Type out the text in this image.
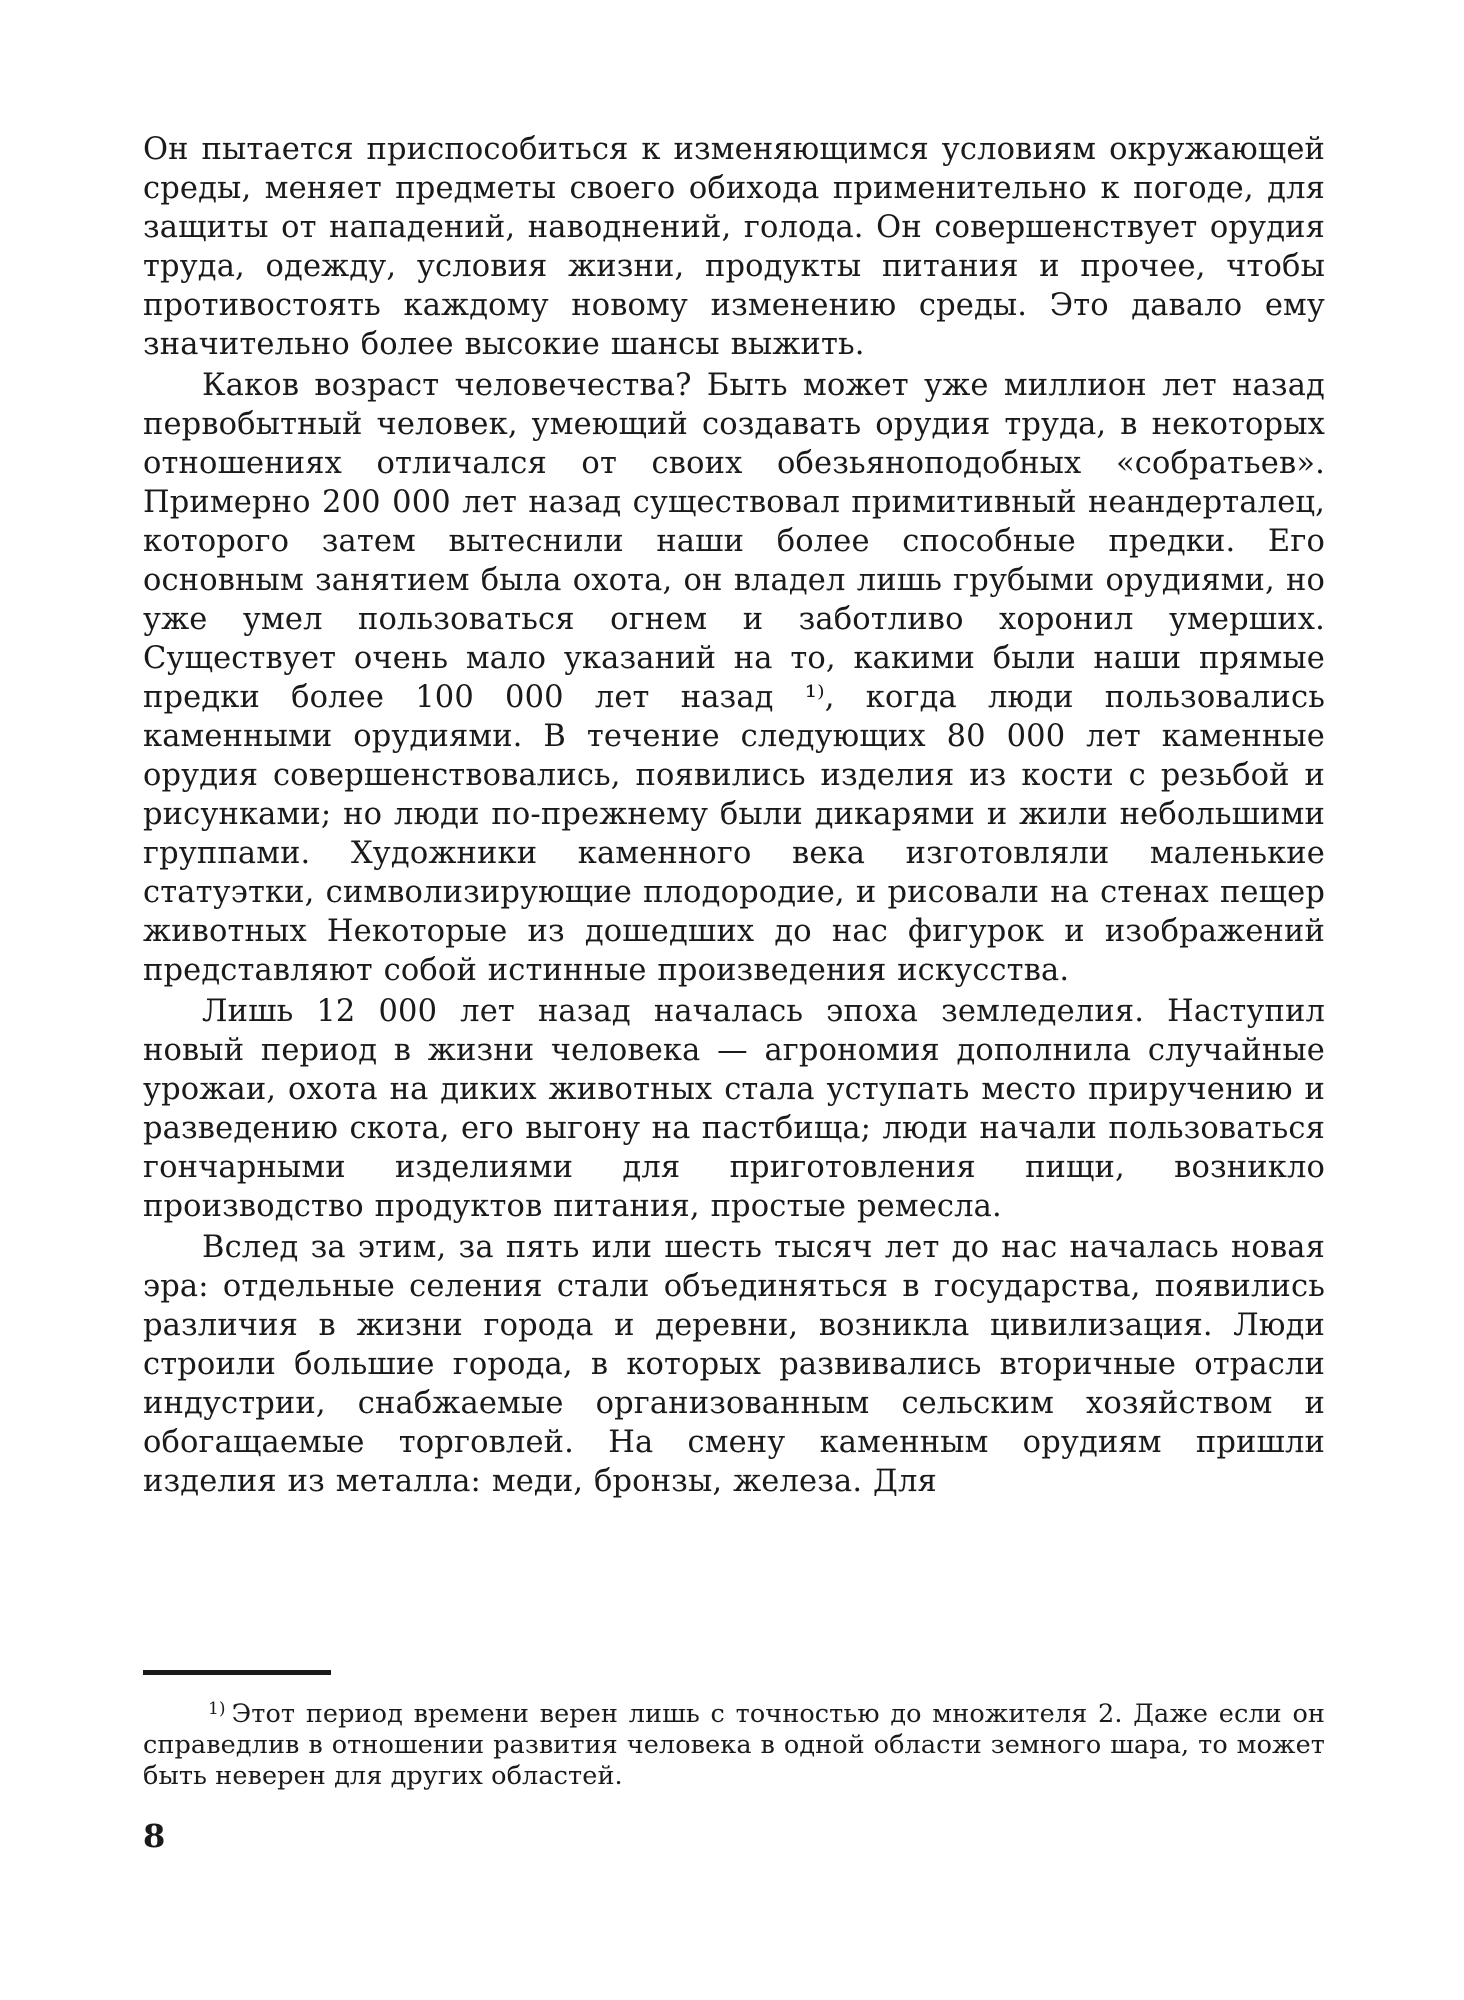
Он пытается приспособиться к изменяющимся условиям окружающей среды, меняет предметы своего обихода применительно к погоде, для защиты от нападений, наводнений, голода. Он совершенствует орудия труда, одежду, условия жизни, продукты питания и прочее, чтобы противостоять каждому новому изменению среды. Это давало ему значительно более высокие шансы выжить.

Каков возраст человечества? Быть может уже миллион лет назад первобытный человек, умеющий создавать орудия труда, в некоторых отношениях отличался от своих обезьяноподобных «собратьев». Примерно 200 000 лет назад существовал примитивный неандерталец, которого затем вытеснили наши более способные предки. Его основным занятием была охота, он владел лишь грубыми орудиями, но уже умел пользоваться огнем и заботливо хоронил умерших. Существует очень мало указаний на то, какими были наши прямые предки более 100 000 лет назад ¹⁾, когда люди пользовались каменными орудиями. В течение следующих 80 000 лет каменные орудия совершенствовались, появились изделия из кости с резьбой и рисунками; но люди по-прежнему были дикарями и жили небольшими группами. Художники каменного века изготовляли маленькие статуэтки, символизирующие плодородие, и рисовали на стенах пещер животных Некоторые из дошедших до нас фигурок и изображений представляют собой истинные произведения искусства.

Лишь 12 000 лет назад началась эпоха земледелия. Наступил новый период в жизни человека — агрономия дополнила случайные урожаи, охота на диких животных стала уступать место приручению и разведению скота, его выгону на пастбища; люди начали пользоваться гончарными изделиями для приготовления пищи, возникло производство продуктов питания, простые ремесла.

Вслед за этим, за пять или шесть тысяч лет до нас началась новая эра: отдельные селения стали объединяться в государства, появились различия в жизни города и деревни, возникла цивилизация. Люди строили большие города, в которых развивались вторичные отрасли индустрии, снабжаемые организованным сельским хозяйством и обогащаемые торговлей. На смену каменным орудиям пришли изделия из металла: меди, бронзы, железа. Для

$^{1)}$ Этот период времени верен лишь с точностью до множителя 2. Даже если он справедлив в отношении развития человека в одной области земного шара, то может быть неверен для других областей.

8
